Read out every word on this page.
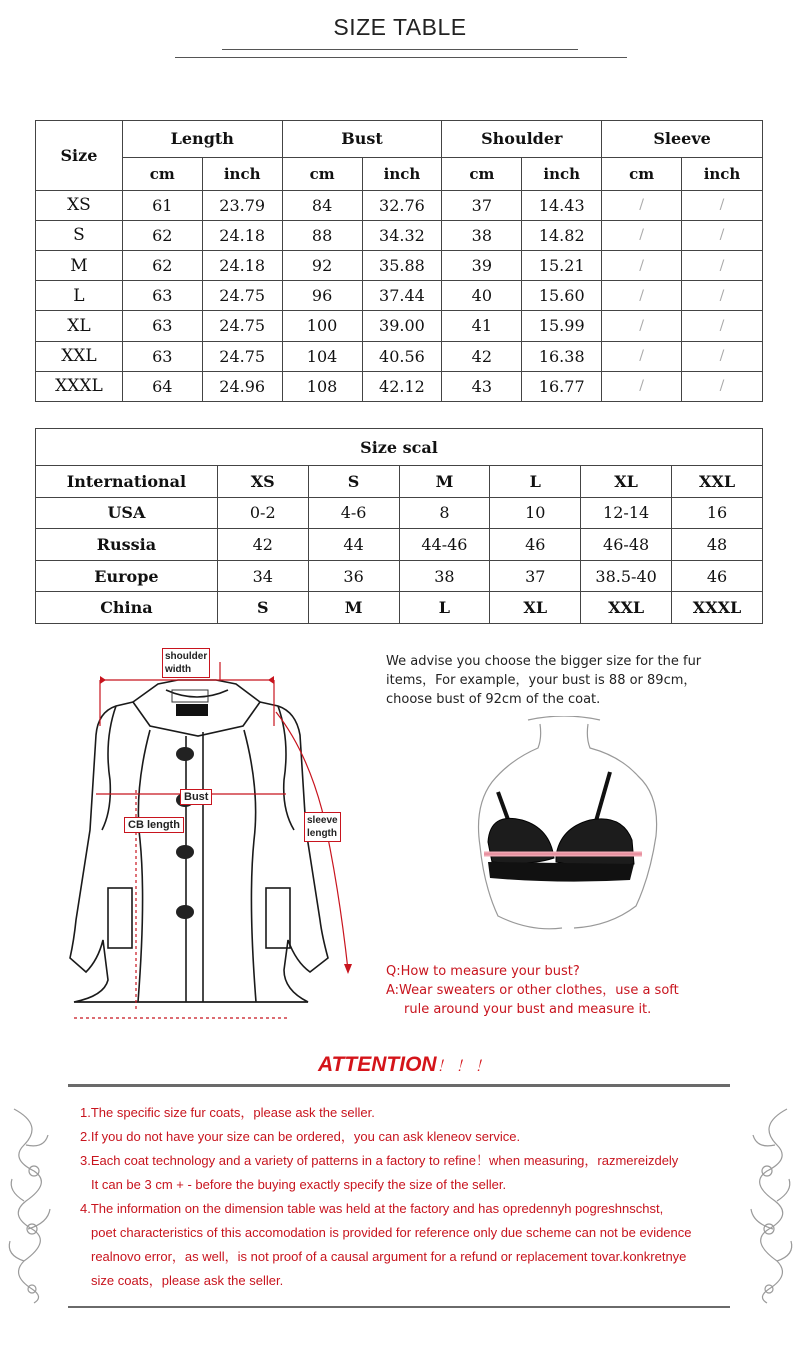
SIZE TABLE
Size	Length		Bust		Shoulder		Sleeve	
	cm	inch	cm	inch	cm	inch	cm	inch
XS	61	23.79	84	32.76	37	14.43	/	/
S	62	24.18	88	34.32	38	14.82	/	/
M	62	24.18	92	35.88	39	15.21	/	/
L	63	24.75	96	37.44	40	15.60	/	/
XL	63	24.75	100	39.00	41	15.99	/	/
XXL	63	24.75	104	40.56	42	16.38	/	/
XXXL	64	24.96	108	42.12	43	16.77	/	/
Size scal						
International	XS	S	M	L	XL	XXL
USA	0-2	4-6	8	10	12-14	16
Russia	42	44	44-46	46	46-48	48
Europe	34	36	38	37	38.5-40	46
China	S	M	L	XL	XXL	XXXL
shoulder
width
Bust
CB length	sleeve
length
We advise you choose the bigger size for the fur
items，For example，your bust is 88 or 89cm，
choose bust of 92cm of the coat.
Q:How to measure your bust?
A:Wear sweaters or other clothes，use a soft
rule around your bust and measure it.
ATTENTION！！！
1.The specific size fur coats，please ask the seller.
2.If you do not have your size can be ordered，you can ask kleneov service.
3.Each coat technology and a variety of patterns in a factory to refine！when measuring，razmereizdely
It can be 3 cm + - before the buying exactly specify the size of the seller.
4.The information on the dimension table was held at the factory and has opredennyh pogreshnschst,
poet characteristics of this accomodation is provided for reference only due scheme can not be evidence
realnovo error，as well，is not proof of a causal argument for a refund or replacement tovar.konkretnye
size coats，please ask the seller.
